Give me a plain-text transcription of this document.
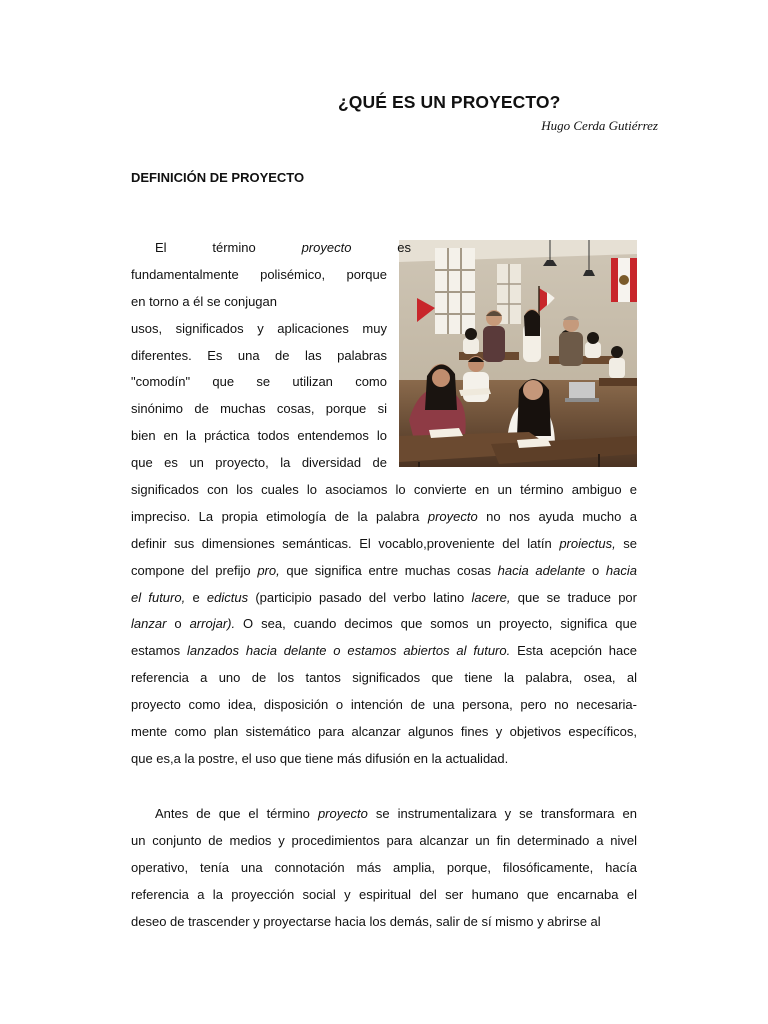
¿QUÉ ES UN PROYECTO?
Hugo Cerda Gutiérrez
DEFINICIÓN DE PROYECTO
El término proyecto es
fundamentalmente polisémico, porque
en torno a él se conjugan
usos, significados y aplicaciones muy
diferentes. Es una de las palabras
"comodín" que se utilizan como
sinónimo de muchas cosas, porque si
bien en la práctica todos entendemos lo
que es un proyecto, la diversidad de
significados con los cuales lo asociamos lo convierte en un término ambiguo e
impreciso. La propia etimología de la palabra proyecto no nos ayuda mucho a
definir sus dimensiones semánticas. El vocablo,proveniente del latín proiectus, se
compone del prefijo pro, que significa entre muchas cosas hacia adelante o hacia
el futuro, e edictus (participio pasado del verbo latino lacere, que se traduce por
lanzar o arrojar). O sea, cuando decimos que somos un proyecto, significa que
estamos lanzados hacia delante o estamos abiertos al futuro. Esta acepción hace
referencia a uno de los tantos significados que tiene la palabra, osea, al
proyecto como idea, disposición o intención de una persona, pero no necesaria-
mente como plan sistemático para alcanzar algunos fines y objetivos específicos,
que es,a la postre, el uso que tiene más difusión en la actualidad.
Antes de que el término proyecto se instrumentalizara y se transformara en
un conjunto de medios y procedimientos para alcanzar un fin determinado a nivel
operativo, tenía una connotación más amplia, porque, filosóficamente, hacía
referencia a la proyección social y espiritual del ser humano que encarnaba el
deseo de trascender y proyectarse hacia los demás, salir de sí mismo y abrirse al
